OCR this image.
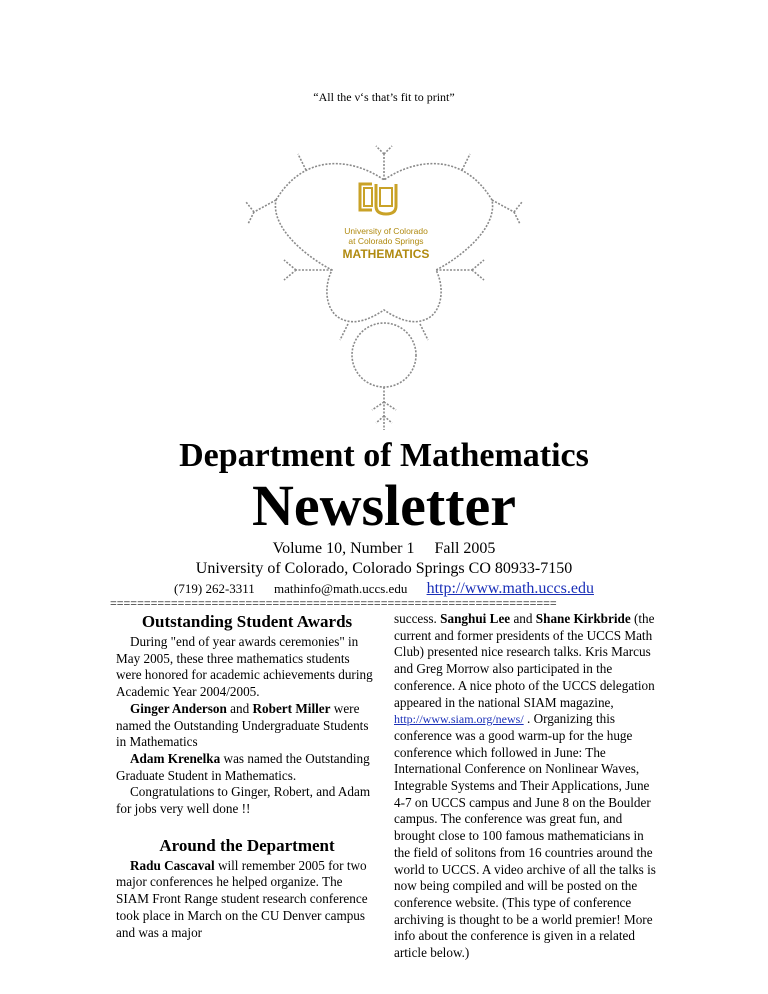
“All the ν‘s that’s fit to print”
University of Colorado
at Colorado Springs
MATHEMATICS
Department of Mathematics
Newsletter
Volume 10, Number 1     Fall 2005
University of Colorado, Colorado Springs CO 80933-7150
(719) 262-3311 mathinfo@math.uccs.edu http://www.math.uccs.edu
==================================================================
Outstanding Student Awards

During "end of year awards ceremonies" in May 2005, these three mathematics students were honored for academic achievements during Academic Year 2004/2005.

Ginger Anderson and Robert Miller were named the Outstanding Undergraduate Students in Mathematics

Adam Krenelka was named the Outstanding Graduate Student in Mathematics.

Congratulations to Ginger, Robert, and Adam for jobs very well done !!

Around the Department

Radu Cascaval will remember 2005 for two major conferences he helped organize. The SIAM Front Range student research conference took place in March on the CU Denver campus and was a major

success. Sanghui Lee and Shane Kirkbride (the current and former presidents of the UCCS Math Club) presented nice research talks. Kris Marcus and Greg Morrow also participated in the conference. A nice photo of the UCCS delegation appeared in the national SIAM magazine, http://www.siam.org/news/ . Organizing this conference was a good warm-up for the huge conference which followed in June: The International Conference on Nonlinear Waves, Integrable Systems and Their Applications, June 4-7 on UCCS campus and June 8 on the Boulder campus. The conference was great fun, and brought close to 100 famous mathematicians in the field of solitons from 16 countries around the world to UCCS. A video archive of all the talks is now being compiled and will be posted on the conference website. (This type of conference archiving is thought to be a world premier! More info about the conference is given in a related article below.)
